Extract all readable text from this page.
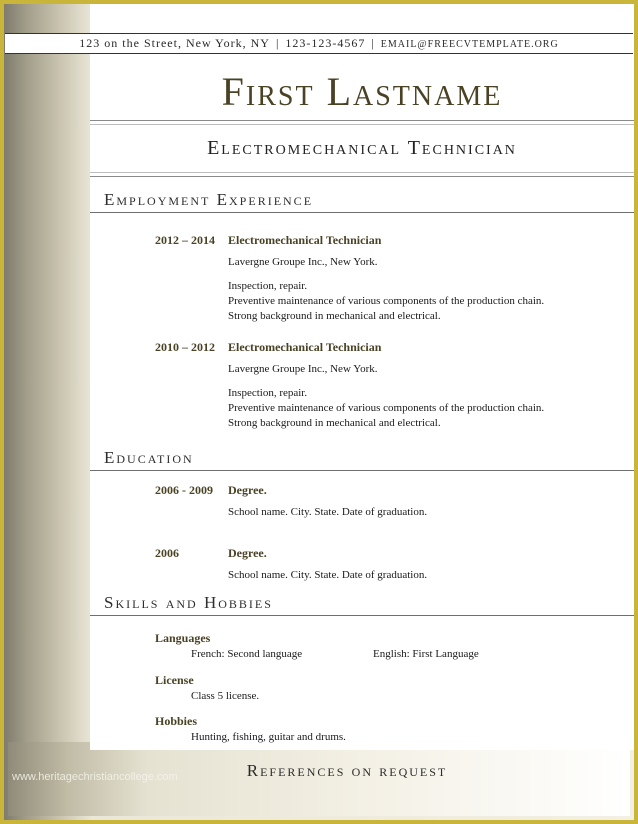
123 on the Street, New York, NY | 123-123-4567 | EMAIL@FREECVTEMPLATE.ORG
First Lastname
Electromechanical Technician
Employment Experience
2012 – 2014 Electromechanical Technician
Lavergne Groupe Inc., New York.
Inspection, repair.
Preventive maintenance of various components of the production chain.
Strong background in mechanical and electrical.
2010 – 2012 Electromechanical Technician
Lavergne Groupe Inc., New York.
Inspection, repair.
Preventive maintenance of various components of the production chain.
Strong background in mechanical and electrical.
Education
2006 - 2009 Degree.
School name. City. State. Date of graduation.
2006	Degree.
School name. City. State. Date of graduation.
Skills and Hobbies
Languages
French: Second language	English: First Language
License
Class 5 license.
Hobbies
Hunting, fishing, guitar and drums.
References on request
www.heritagechristiancollege.com
